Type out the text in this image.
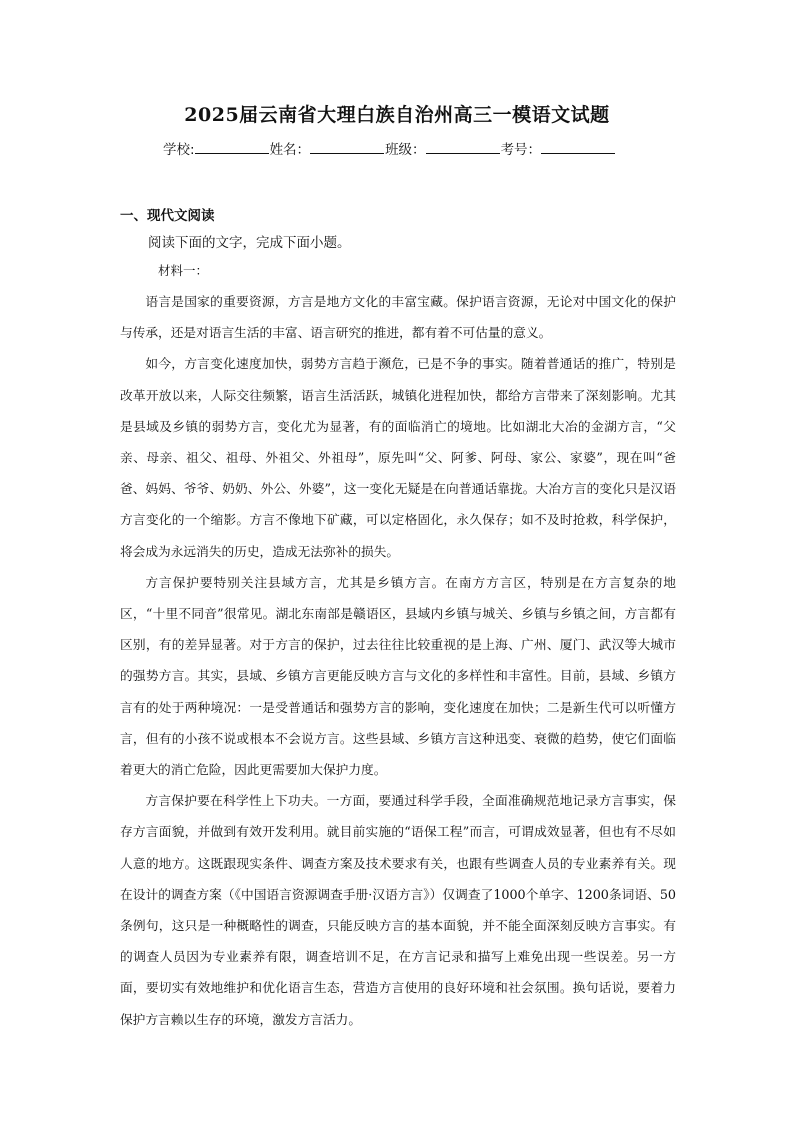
2025届云南省大理白族自治州高三一模语文试题
学校:	姓名：	班级：	考号：
一、现代文阅读
阅读下面的文字，完成下面小题。
材料一：

语言是国家的重要资源，方言是地方文化的丰富宝藏。保护语言资源，无论对中国文化的保护与传承，还是对语言生活的丰富、语言研究的推进，都有着不可估量的意义。

如今，方言变化速度加快，弱势方言趋于濒危，已是不争的事实。随着普通话的推广，特别是改革开放以来，人际交往频繁，语言生活活跃，城镇化进程加快，都给方言带来了深刻影响。尤其是县域及乡镇的弱势方言，变化尤为显著，有的面临消亡的境地。比如湖北大冶的金湖方言，“父亲、母亲、祖父、祖母、外祖父、外祖母”，原先叫“父、阿爹、阿母、家公、家婆”，现在叫“爸爸、妈妈、爷爷、奶奶、外公、外婆”，这一变化无疑是在向普通话靠拢。大冶方言的变化只是汉语方言变化的一个缩影。方言不像地下矿藏，可以定格固化，永久保存；如不及时抢救，科学保护，将会成为永远消失的历史，造成无法弥补的损失。

方言保护要特别关注县域方言，尤其是乡镇方言。在南方方言区，特别是在方言复杂的地区，“十里不同音”很常见。湖北东南部是赣语区，县域内乡镇与城关、乡镇与乡镇之间，方言都有区别，有的差异显著。对于方言的保护，过去往往比较重视的是上海、广州、厦门、武汉等大城市的强势方言。其实，县域、乡镇方言更能反映方言与文化的多样性和丰富性。目前，县域、乡镇方言有的处于两种境况：一是受普通话和强势方言的影响，变化速度在加快；二是新生代可以听懂方言，但有的小孩不说或根本不会说方言。这些县域、乡镇方言这种迅变、衰微的趋势，使它们面临着更大的消亡危险，因此更需要加大保护力度。

方言保护要在科学性上下功夫。一方面，要通过科学手段，全面准确规范地记录方言事实，保存方言面貌，并做到有效开发利用。就目前实施的“语保工程”而言，可谓成效显著，但也有不尽如人意的地方。这既跟现实条件、调查方案及技术要求有关，也跟有些调查人员的专业素养有关。现在设计的调查方案（《中国语言资源调查手册·汉语方言》）仅调查了1000个单字、1200条词语、50条例句，这只是一种概略性的调查，只能反映方言的基本面貌，并不能全面深刻反映方言事实。有的调查人员因为专业素养有限，调查培训不足，在方言记录和描写上难免出现一些误差。另一方面，要切实有效地维护和优化语言生态，营造方言使用的良好环境和社会氛围。换句话说，要着力保护方言赖以生存的环境，激发方言活力。
